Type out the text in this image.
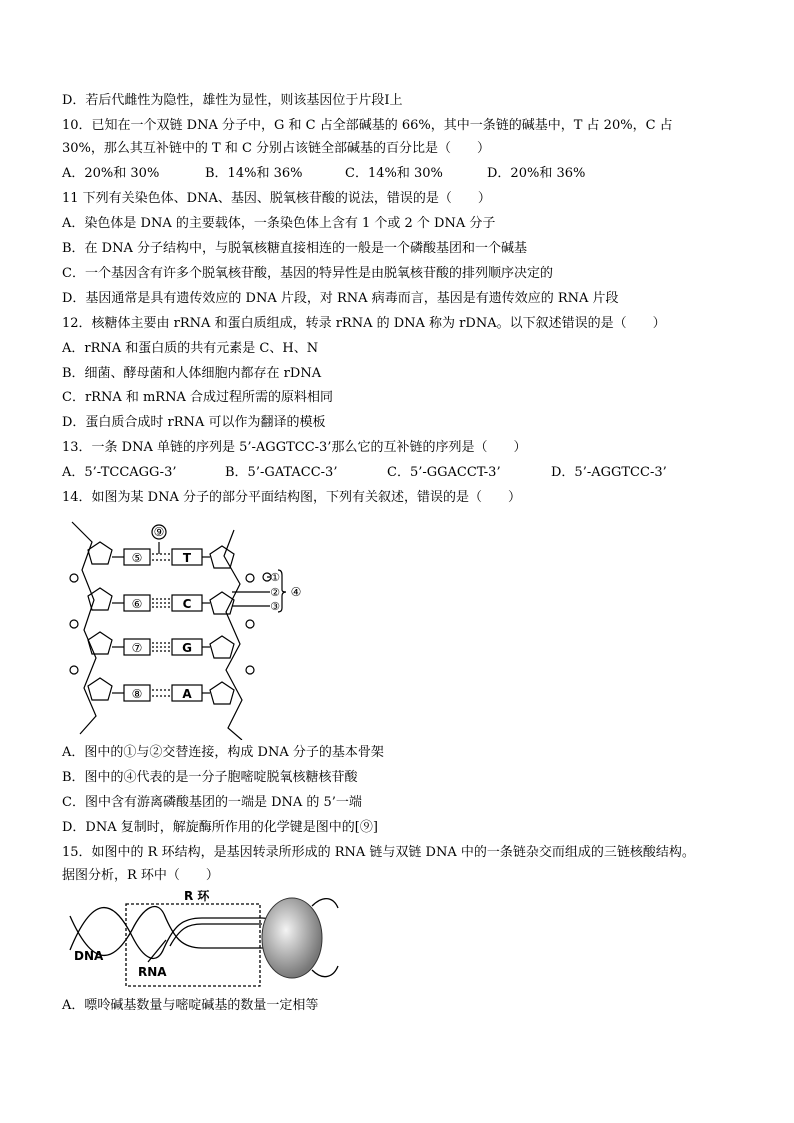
D．若后代雌性为隐性，雄性为显性，则该基因位于片段Ⅰ上
10．已知在一个双链 DNA 分子中，G 和 C 占全部碱基的 66%，其中一条链的碱基中，T 占 20%，C 占
30%，那么其互补链中的 T 和 C 分别占该链全部碱基的百分比是（　　）
A．20%和 30%	B．14%和 36%	C．14%和 30%	D．20%和 36%
11 下列有关染色体、DNA、基因、脱氧核苷酸的说法，错误的是（　　）
A．染色体是 DNA 的主要载体，一条染色体上含有 1 个或 2 个 DNA 分子
B．在 DNA 分子结构中，与脱氧核糖直接相连的一般是一个磷酸基团和一个碱基
C．一个基因含有许多个脱氧核苷酸，基因的特异性是由脱氧核苷酸的排列顺序决定的
D．基因通常是具有遗传效应的 DNA 片段，对 RNA 病毒而言，基因是有遗传效应的 RNA 片段
12．核糖体主要由 rRNA 和蛋白质组成，转录 rRNA 的 DNA 称为 rDNA。以下叙述错误的是（　　）
A．rRNA 和蛋白质的共有元素是 C、H、N
B．细菌、酵母菌和人体细胞内都存在 rDNA
C．rRNA 和 mRNA 合成过程所需的原料相同
D．蛋白质合成时 rRNA 可以作为翻译的模板
13．一条 DNA 单链的序列是 5’-AGGTCC-3’那么它的互补链的序列是（　　）
A．5’-TCCAGG-3’	B．5’-GATACC-3’	C．5’-GGACCT-3’	D．5’-AGGTCC-3’
14．如图为某 DNA 分子的部分平面结构图，下列有关叙述，错误的是（　　）
⑨
⑤
⑥
⑦
⑧
T
C
G
A
①
②
③
④
A．图中的①与②交替连接，构成 DNA 分子的基本骨架
B．图中的④代表的是一分子胞嘧啶脱氧核糖核苷酸
C．图中含有游离磷酸基团的一端是 DNA 的 5’一端
D．DNA 复制时，解旋酶所作用的化学键是图中的[⑨]
15．如图中的 R 环结构，是基因转录所形成的 RNA 链与双链 DNA 中的一条链杂交而组成的三链核酸结构。
据图分析，R 环中（　　）
R 环
DNA
RNA
A．嘌呤碱基数量与嘧啶碱基的数量一定相等
